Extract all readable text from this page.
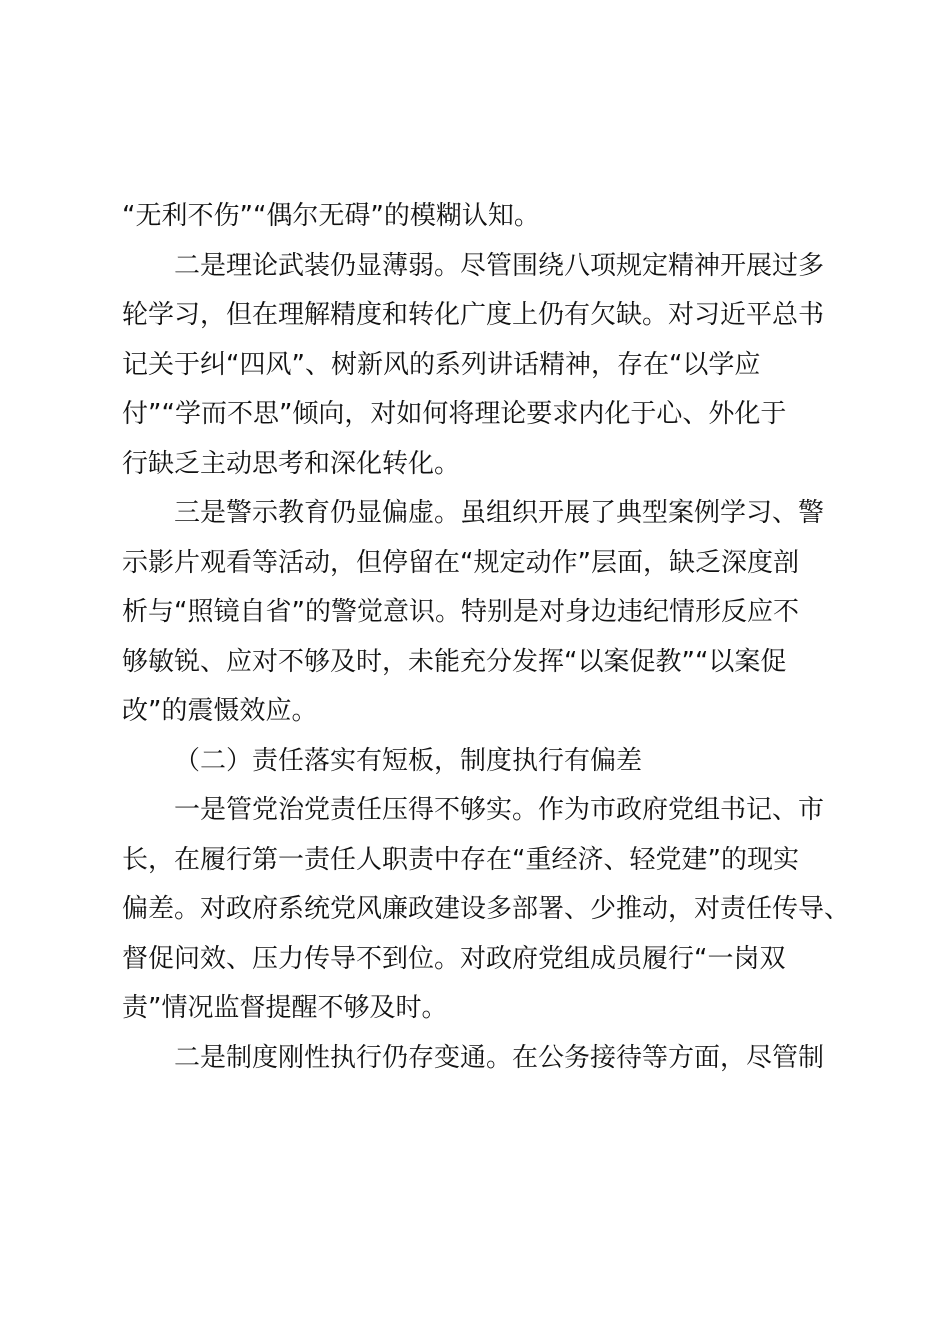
“无利不伤”“偶尔无碍”的模糊认知。
二是理论武装仍显薄弱。尽管围绕八项规定精神开展过多
轮学习，但在理解精度和转化广度上仍有欠缺。对习近平总书
记关于纠“四风”、树新风的系列讲话精神，存在“以学应
付”“学而不思”倾向，对如何将理论要求内化于心、外化于
行缺乏主动思考和深化转化。
三是警示教育仍显偏虚。虽组织开展了典型案例学习、警
示影片观看等活动，但停留在“规定动作”层面，缺乏深度剖
析与“照镜自省”的警觉意识。特别是对身边违纪情形反应不
够敏锐、应对不够及时，未能充分发挥“以案促教”“以案促
改”的震慑效应。
（二）责任落实有短板，制度执行有偏差
一是管党治党责任压得不够实。作为市政府党组书记、市
长，在履行第一责任人职责中存在“重经济、轻党建”的现实
偏差。对政府系统党风廉政建设多部署、少推动，对责任传导、
督促问效、压力传导不到位。对政府党组成员履行“一岗双
责”情况监督提醒不够及时。
二是制度刚性执行仍存变通。在公务接待等方面，尽管制
